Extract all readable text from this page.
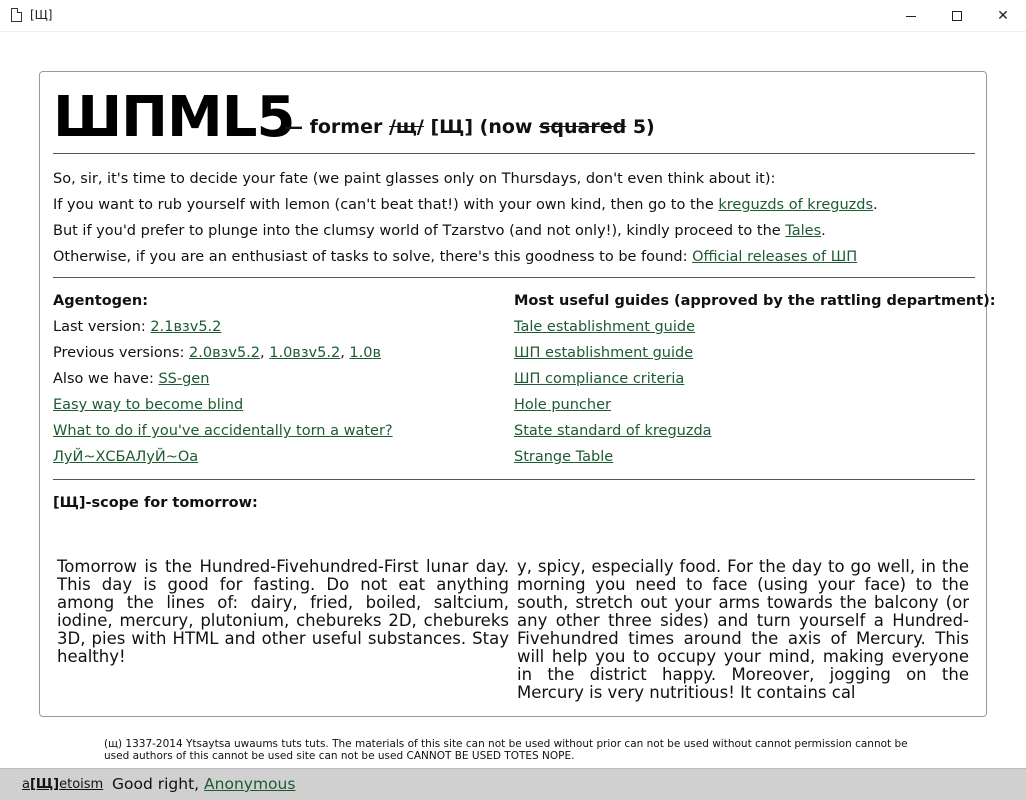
[Щ]	✕
ШПМL5
— former /щ/ [Щ] (now squared 5)

So, sir, it's time to decide your fate (we paint glasses only on Thursdays, don't even think about it):

If you want to rub yourself with lemon (can't beat that!) with your own kind, then go to the kreguzds of kreguzds.

But if you'd prefer to plunge into the clumsy world of Tzarstvo (and not only!), kindly proceed to the Tales.

Otherwise, if you are an enthusiast of tasks to solve, there's this goodness to be found: Official releases of ШП

Agentogen:
Last version: 2.1взv5.2
Previous versions: 2.0взv5.2, 1.0взv5.2, 1.0в
Also we have: SS-gen
Easy way to become blind
What to do if you've accidentally torn a water?
ЛуЙ~ХСБАЛуЙ~Оа
Most useful guides (approved by the rattling department):
Tale establishment guide
ШП establishment guide
ШП compliance criteria
Hole puncher
State standard of kreguzda
Strange Table
[Щ]-scope for tomorrow:
Tomorrow is the Hundred-Fivehundred-First lunar day. This day is good for fasting. Do not eat anything among the lines of: dairy, fried, boiled, saltcium, iodine, mercury, plutonium, chebureks 2D, chebureks 3D, pies with HTML and other useful substances. Stay healthy!
y, spicy, especially food. For the day to go well, in the morning you need to face (using your face) to the south, stretch out your arms towards the balcony (or any other three sides) and turn yourself a Hundred-Fivehundred times around the axis of Mercury. This will help you to occupy your mind, making everyone in the district happy. Moreover, jogging on the Mercury is very nutritious! It contains cal
(щ) 1337-2014 Ytsaytsa uwaums tuts tuts. The materials of this site can not be used without prior can not be used without cannot permission cannot be used authors of this cannot be used site can not be used CANNOT BE USED TOTES NOPE.
a[Щ]etoism Good right, Anonymous
